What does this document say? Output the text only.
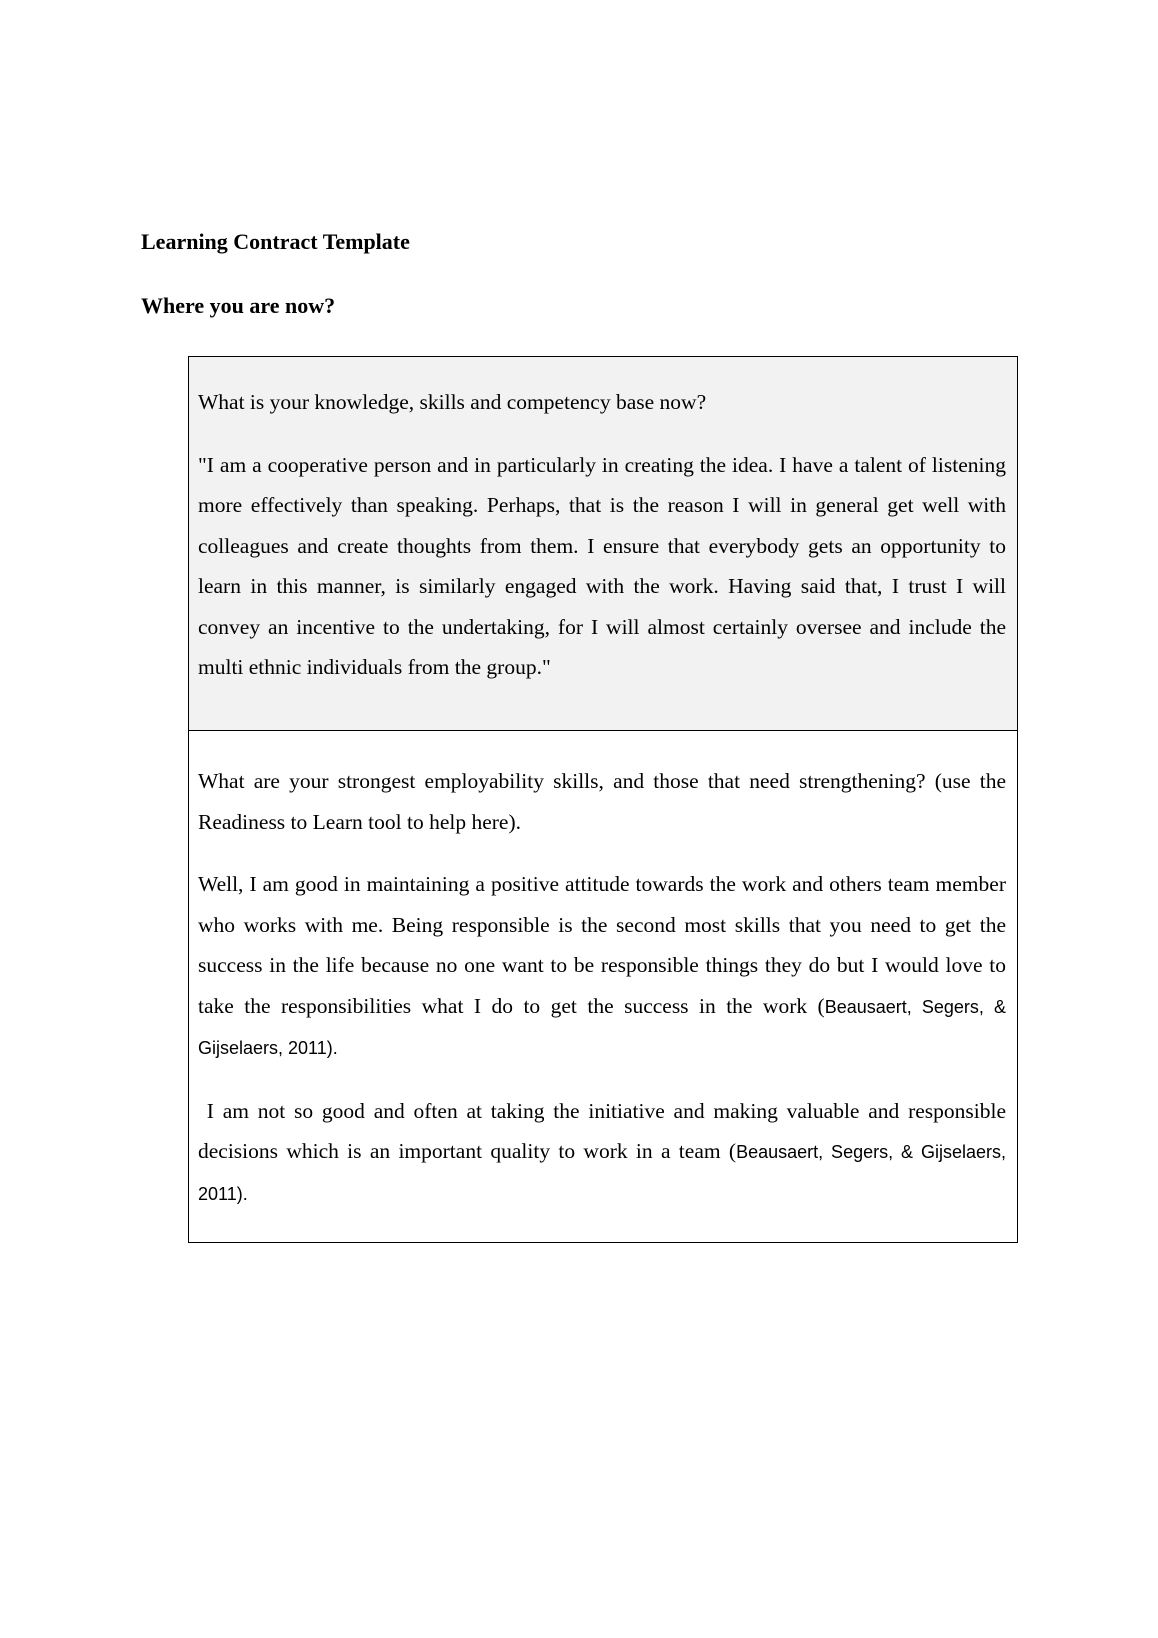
Learning Contract Template
Where you are now?

What is your knowledge, skills and competency base now?

"I am a cooperative person and in particularly in creating the idea. I have a talent of listening more effectively than speaking. Perhaps, that is the reason I will in general get well with colleagues and create thoughts from them. I ensure that everybody gets an opportunity to learn in this manner, is similarly engaged with the work. Having said that, I trust I will convey an incentive to the undertaking, for I will almost certainly oversee and include the multi ethnic individuals from the group."

What are your strongest employability skills, and those that need strengthening? (use the Readiness to Learn tool to help here).

Well, I am good in maintaining a positive attitude towards the work and others team member who works with me. Being responsible is the second most skills that you need to get the success in the life because no one want to be responsible things they do but I would love to take the responsibilities what I do to get the success in the work (Beausaert, Segers, & Gijselaers, 2011).

I am not so good and often at taking the initiative and making valuable and responsible decisions which is an important quality to work in a team (Beausaert, Segers, & Gijselaers, 2011).
